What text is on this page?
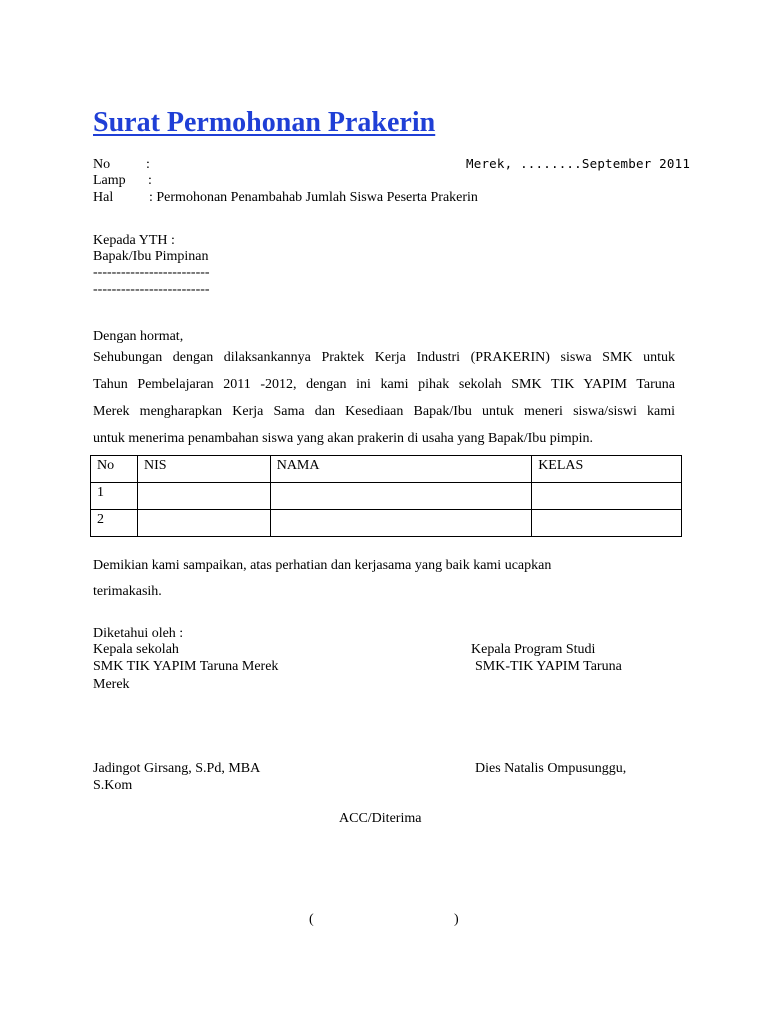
Surat Permohonan Prakerin
No	:	Merek, ........September 2011
Lamp :
Hal	: Permohonan Penambahab Jumlah Siswa Peserta Prakerin
Kepada YTH :
Bapak/Ibu Pimpinan
-------------------------
-------------------------
Dengan hormat,
Sehubungan dengan dilaksankannya Praktek Kerja Industri (PRAKERIN) siswa SMK untuk
Tahun Pembelajaran 2011 -2012, dengan ini kami pihak sekolah SMK TIK YAPIM Taruna
Merek mengharapkan Kerja Sama dan Kesediaan Bapak/Ibu untuk meneri siswa/siswi kami
untuk menerima penambahan siswa yang akan prakerin di usaha yang Bapak/Ibu pimpin.
No	NIS	NAMA	KELAS
1			
2			
Demikian kami sampaikan, atas perhatian dan kerjasama yang baik kami ucapkan
terimakasih.
Diketahui oleh :
Kepala sekolah
SMK TIK YAPIM Taruna Merek
Merek
Kepala Program Studi
SMK-TIK YAPIM Taruna
Jadingot Girsang, S.Pd, MBA	Dies Natalis Ompusunggu,
S.Kom
ACC/Diterima
(	)
